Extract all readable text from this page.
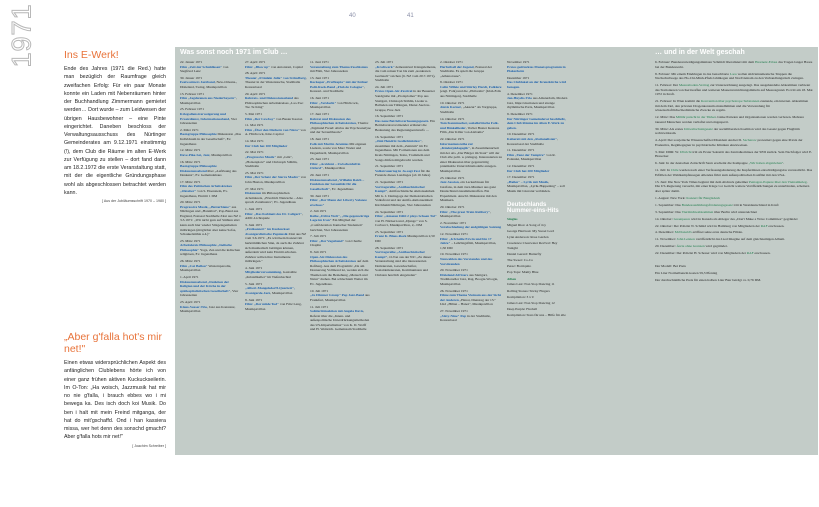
1971	40	41
Ins E-Werk!

Ende des Jahres (1971 die Red.) hatte man bezüglich der Raumfrage gleich zweifachen Erfolg: Für ein paar Monate konnte ein Laden mit Nebenräumen hinter der Buchhandlung Zimmermann gemietet werden… Dort wurde – zum Leidwesen der übrigen Hausbewohner – eine Pinte eingerichtet. Daneben beschloss der Verwaltungsausschuss des Nürtinger Gemeinderates am 9.12.1971 einstimmig (!), dem Club die Räume im alten E-Werk zur Verfügung zu stellen – dort fand dann am 18.2.1972 die erste Veranstaltung statt, mit der die eigentliche Gründungsphase wohl als abgeschlossen betrachtet werden kann.

[ Aus der Jubiläumsschrift 1970 – 1980 ]
„Aber g'falla hot's mir net!"

Einen etwas widersprüchlichen Aspekt des anfänglichen Clublebens hörte ich von einer ganz frühen aktiven Kuckuckseilerin. Im O-Ton: „Ha woisch, Jazzmusik hat mir no nie g'falla, i brauch ebbes wo i mi bewega ka. Des isch doch koi Musik. Do ben i halt mit mein Freind mitganga, der hat do mit'gschaffd. Ond i han kassiera missa, wer het denn des sonschd gmacht? Aber g'falla hots mir net!"

[ Joachim Schreiber ]
Was sonst noch 1971 im Club …
22. Januar 1971
Film „Zeit der Schuldlosen" von Siegfried Lenz
30. Januar 1971
Feetwarmers Jazzband, New-Orleans-, Dixieland, Swing, Musikpavillon
13. Februar 1971
Film „Jagdszenen aus Niederbayern", Musikpavillon
25. Februar 1971
Kriegsdienstverweigerung und Ersatzdienst, Informationsabend, Vier Jahreszeiten
2. März 1971
Basisgruppe Philosophie Diskussion „Das Individuum in der Gesellschaft", Ev. Jugendhaus
12. März 1971
Dave-Pike-Set, Jazz, Musikpavillon
16. März 1971
Basisgruppe Philosophie Diskussionsabend über „Auflösung des Denkens", Ev. Gemeindehaus
17. März 1971
Film des Politischen Arbeitskreises „Oktober" von S. Eisenstein, Ev. Jugendhaus, Eintritt 1 DM
20. März 1971
Progressive Musik, „Butterbiene" aus Nürtingen und „Hannibal", Pop-Band aus England, Festsaal Stadthalle Zitat aus NZ v. 3.3.1971: „Wir nicht gern auf Stühlen sitzt kann auch hier wieder Sitzgelegenheiten mitbringen (möglichst aber keine Sofas, Schaukelstühle u.ä.)"
23. März 1971
Arbeitskreis Philosophie „Indische Philosophie" Yoga, Zen und die indischen religiösen, Ev. Jugendhaus
26. März 1971
Film „Cat Ballou" Westernparodie, Musikpavillon
1. April 1971
Diskussionsabend „Funktion der Religion und der Kirche in der spätkapitalistischen Gesellschaft", Vier Jahreszeiten
23. April 1971
Klaus-Veeser-Trio, Jazz aus Konstanz, Musikpavillon
27. April 1971
Film: „Blow up" von Antonioni, Capitol
28. April 1971
Theater „Fräulein Julie" von Strindberg, Theater in der Westentasche, Stadthalle Konzertsaal
29. April 1971
Referats- und Diskussionsabend des Philosophischen Arbeitskreises „Lao-Tse: Tao Te King"
5. Mai 1971
Film „Der Cowboy" von Buster Keaton
11. Mai 1971
Film „Über den Dächern von Nizza" von A. Hitchcock, Kino Capitol
14. Mai 1971
Der Club hat 100 Mitglieder
22. Mai 1971
„Progressive Musik" mit „Gila", „Hotzenplotz" und Christoph Stählin, Stadthalle
25. Mai 1971
Film „Der Schatz der Sierra Madre" von John Huston, Musikpavillon
27. Mai 1971
Diskussion im Philosophischen Arbeitskreis, „Friedrich Nietzsche – Also sprach Zarathustra", Ev. Jugendhaus
1. Juni 1971
Film: „Das Kabinett des Dr. Caligari", AMC-Lichtspiele
3. Juni 1971
„Freikonzert" im Kuckucksei Avantgardistische Popmusik Zitat aus NZ vom 3.6.1971: „Es wird kein Konzert im herkömmlichen Sinn, da auch die Zuhörer sich musikalisch betätigen können, außerdem wird kein Eintritt erhoben. Zuhörer sollten ihre Instrumente mitbringen."
4. Juni 1971
Mitgliederversammlung, Gaststätte „Kristallkeller" im Tiefenbachtal
5. Juni 1971
„Albert-Mangelsdorff-Quartett", Avantgarde-Jazz, Musikpavillon
8. Juni 1971
Film: „Der müde Tod" von Fritz Lang, Musikpavillon
11. Juni 1971
Veranstaltung zum Thema Faschismus mit Film, Vier Jahreszeiten
13. Juni 1971
Rockoper „Proffzapia" mit der Kölner Polit-Rock-Band „Floh de Cologne", Konzert- und Stadthalle
16. Juni 1971
Film: „Verdacht" von Hitchcock, Musikpavillon
17. Juni 1971
Referat und Diskussion des Philosophischen Arbeitskreises, Thema: „Sigmund Freud: Abriss der Psychoanalyse und der Sexualtheorie"
18. Juni 1971
Folk mit Martin Jeremias Mit eigenen Liedern, sowie von Marc Wader und Degenhardt, Musikpavillon
23. Juni 1971
Film: „Accident – Zwischenfall in Oxford", Musikpavillon
29. Juni 1971
Diskussionsabend „Wilhelm Reich – Funktion der Sexualität für die Gesellschaft", Ev. Jugendhaus
30. Juni 1971
Film: „Der Mann der Liberty Valance erschoss"
2. Juli 1971
Reihe „Dritte Welt", „Die gegenwärtige Lage im Iran" Ein Mitglied der „Conföderation Iranischer Studenten" berichtet, Vier Jahreszeiten
7. Juli 1971
Film: „Der Vagabund" von Charlie Chaplin
8. Juli 1971
Open-Air-Diskussion des Philosophischen Arbeitskreises auf dem Roßberg. Aus dem Programm: „Da am Donnerstag Vollmond ist, werden sich die Themen um die Beziehung „Mensch und Natur" drehen. Bei schlechtem Wetter im Ev. Jugendhaus.
10. Juli 1971
„Jo Filmner Group" Pop Jazz-Band aus Frankfurt, Musikpavillon
11. Juli 1971
Solidaritätsaktion mit Angela Davis, Referat über die „Innen- und außenpolitische Unterdrückungsmethoden des US-Imperialismus" von K. D. Wolff und H. Weinrich. Gemeinsam Stadthalle
23. Juli 1971
„Kraftwerk" demonstriert Klangelemente, die vom reinen Ton bis zum „konkreten Geräusch" reichen (lt. NZ vom 20.7.1971), Stadthalle
24. Juli 1971
Erstes Open-Air-Festival in der Beuerner Sandgrube mit „Protzplomer" Pop aus Stuttgart, Christoph Stählin, Lieder u. Balladen aus Tübingen, Dieter-Seelow-Gruppe, Free Jazz
16. September 1971
Das neue Betriebsverfassungsgesetz. Ein Betriebsratsvorsitzender erläutert die Bedeutung des Regierungsentwurfs …
16. September 1971
„Jimi Hendrix Gedächtnisfest", zusammen mit dem „Zentrum" im Ev. Jugendhaus. Mit Formationen aus dem Kreis Nürtingen, Texte, Trommeln und Songs dürfen mitgebracht werden.
21. September 1971
Volkstrauertag in Ja-sagt Fest für die Freunde dieses Landtages (ab 16 Jahre)
21. September 1971
Vortragsreihe „Antifaschistischer Kampf", Antifaschistische Aktionseinheit. Mit G. I. Demagoge der Demokratischen Volksfront und der Antifa-Aktionseinheit Kirchheim/Nürtingen, Vier Jahreszeiten
24. September 1971
Film: „Amazon Döbl 2 plays Schoen Tal" von H. Nückern und „Django" von S. Corbucci, Musikpavillon, 2,- DM
25. September 1971
Franz K. Blues-Rock Musikpavillon 2,50 DM
28. September 1971
Vortragsreihe „Antifaschistischer Kampf", O-Ton aus der NZ: „Zu dieser Veranstaltung sind alle interessierten Demokraten, Gewerkschafter, Sozialdemokraten, Kommunisten und Christen herzlich eingeladen"
2. Oktober 1971
Herbstball der Jugend, Festsaal der Stadthalle. Es spielt die Gruppe „Athanorasse".
8. Oktober 1971
Colin Wilkie und Shirley Hardt, Folklore (engl. Folk) und die „Philorahs" (Irish-Folk aus Nürtingen), Stadthalle
10. Oktober 1971
Alexis Korner, „Akazur" als Vorgruppe, Stadthalle
14. Oktober 1971
Tom Kannmacher, sozialkritische Folk- und Bänkellieder, Vorher Buster Keatons Film „Der Killer von Alabama"
22. Oktober 1971
Informationsreihe zur „Kinderpädagogik", in Zusammenarbeit mit der AG „Der Bürger im Staat" will der Club alle polit. u. pädagog. Interessierten zu einer Diskussion über gegenwärtig praktikable Unterrichtsmodelle anregen. Musikpavillon
23. Oktober 1971
Jazz-Session, ein Leckerbissen für Jazzfans, in dem Jazz-Musiker aus ganz Deutschland zusammentreffen. Ein Experiment. Anschl. Diskussion mit den Musikern.
29. Oktober 1971
Film: „The great Train Robbery", Musikpavillon
2. November 1971
Verabschiedung der endgültigen Satzung
12. November 1971
Film: „Ich heiße Erwin und bin 17 Jahre" – Lehrlingsfilm, Musikpavillon, 1,50 DM
19. November 1971
Neuwahlen des Vorstandes und des Vorsitzenden
20. November 1971
Dixieland All Stars aus Stuttgart, Traditioneller Jazz, Rag, Boogie-Woogie, Musikpavillon
26. November 1971
Filme zum Thema Vietnam aus der Sicht der Anderen „Hanoi, Dienstag der 13." Und „Hiltan – Hanoi", Musikpavillon
27. November 1971
„Sixty-Nine" Pop in der Stadthalle, Konzertsaal
November 1971
Erstes gedrucktes Monatsprogramm in Plakatform
Dezember 1971
Das Clublokal an der Kreuzkirche wird bezogen.
4. Dezember 1971
Jan-Huydts-Trio aus Amsterdam, Modern Jazz, Improvisationen und strenge rhythmische Parts, Musikpavillon
9. Dezember 1971
Der Nürtinger Gemeinderat beschließt, dem Club Räume im Alten E-Werk zu geben.
10. Dezember 1971
Kabarett mit den „Rationalisten", Konzertsaal der Stadthalle
11. Dezember 1971
Film „Tanz der Vampire" von R. Polanski, Musikpavillon
12. Dezember 1971
Der Club hat 200 Mitglieder
17. Dezember 1971
„Haiku" – Lyrik mit Musik, Musikpavillon, „Lyrik-Happening" – soll Musik mit Literatur verbinden.
Deutschlands Nummer-eins-Hits
Singles
Miguel Rios: A Song of Joy
George Harrison: My Sweet Lord
Lynn Anderson: Rose Garden
Creedence Clearwater Revival: Hey Tonight
Daniel Gerard: Butterfly
The Sweet: Co-Co
Perez: Borriquito
Pop Tops: Mamy Blue
Alben
James Last: Non Stop Dancing 11
Rolling Stones: Sticky Fingers
Kompilation: 3 x 9
James Last: Non Stop Dancing 12
Deep Purple: Fireball
Kompilation: Stars für uns – Hilfe für alle
… und in der Welt geschah

6. Februar: Bundesverteidigungsminister Schmidt liberalisiert mit dem Haarnetz-Erlass das Tragen langer Haare bei der Bundeswehr.

8. Februar: Mit einem Eindringen in das benachbarte Laos wollen südvietnamesische Truppen die Nachschubwege des Ho-Chi-Minh-Pfads lahmlegen und Nordvietnam zu den Verhandlungstisch zwingen.

11. Februar: Der Meeresboden-Vertrag zur Unterzeichnung ausgelegt. Das ausgehandelte Abkommen verbietet das Stationieren von Kernwaffen und weiteren Massenvernichtungsmitteln auf Meeresgrund. Es tritt am 18. Mai 1972 in Kraft.

21. Februar: In Wien kommt die Konvention über psychotrope Substanzen zustande, ein internat. Abkommen mit dem Ziel, den privaten Drogenkonsum einzudämmen und die Verwendung für wissenschaftliche/medizinische Zwecke zu regeln.

12. März: Das Militär putscht in der Türkei. Linke Parteien und Organisationen werden verboten. Mehrere tausend Menschen werden verhaftet und eingesperrt.

30. März: Als erstes Umweltschutzgesetz der sozialliberalen Koalition wird das Gesetz gegen Fluglärm rechtswirksam.

4. April: Der sowjetische Wissenschaftler/Dissident Andrei D. Sacharow protestiert gegen eine Praxis der Exekutive, Regimegegner in psychiatrische Kliniken einzuweisen.

3. Mai: DDR: W. Ulbricht tritt als Erster Sekretär des Zentralkomitees der SED zurück. Sein Nachfolger wird E. Honecker

6. Juni: In der deutschen Zeitschrift Stern erscheint die Kampagne „Wir haben abgetrieben".

11. Juli: In Chile werden nach einer Verfassungsänderung die Kupferminen entschädigungslos verstaatlicht. Das Erfüllen der Wahlkampfzusagen Allendes führt zum außenpolitischen Konflikt mit den USA.

13. Juni: Die New York Times beginnt mit dem Abdruck geheimer Pentagon-Papiere über den Vietnamkrieg. Die US-Regierung versucht, mit einer Klage vor Gericht weitere Veröffentlichungen zu unterbinden, scheitern aber später damit.

1. August: New York: Konzert für Bangladesh

1. September: Das Bundesausbildungsförderungsgesetz tritt in Westdeutschland in Kraft

3. September: Das Viermächteabkommen über Berlin wird unterzeichnet

14. Oktober: Greenpeace wird in Kanada als Ableger des „Don't Make a Wave Committee" gegründet

22. Oktober: Der Polizist N. Schmid wird in Hamburg von Mitgliedern der RAF erschossen.

4. Dezember: McDonald's eröffnet seine erste deutsche Filiale.

11. November: John Lennon veröffentlicht das Lied Imagine auf dem gleichnamigen Album.

20. Dezember: Ärzte ohne Grenzen wird gegründet.

22. Dezember: Der Polizist H. Schoner wird von Mitgliedern der RAF erschossen.

Der Modell: Bei Preis

Ein Liter Normalbenzin kosten 59,3 Pfennig

Der durchschnittliche Preis für einen halben Liter Bier beträgt ca. 0,76 DM.
